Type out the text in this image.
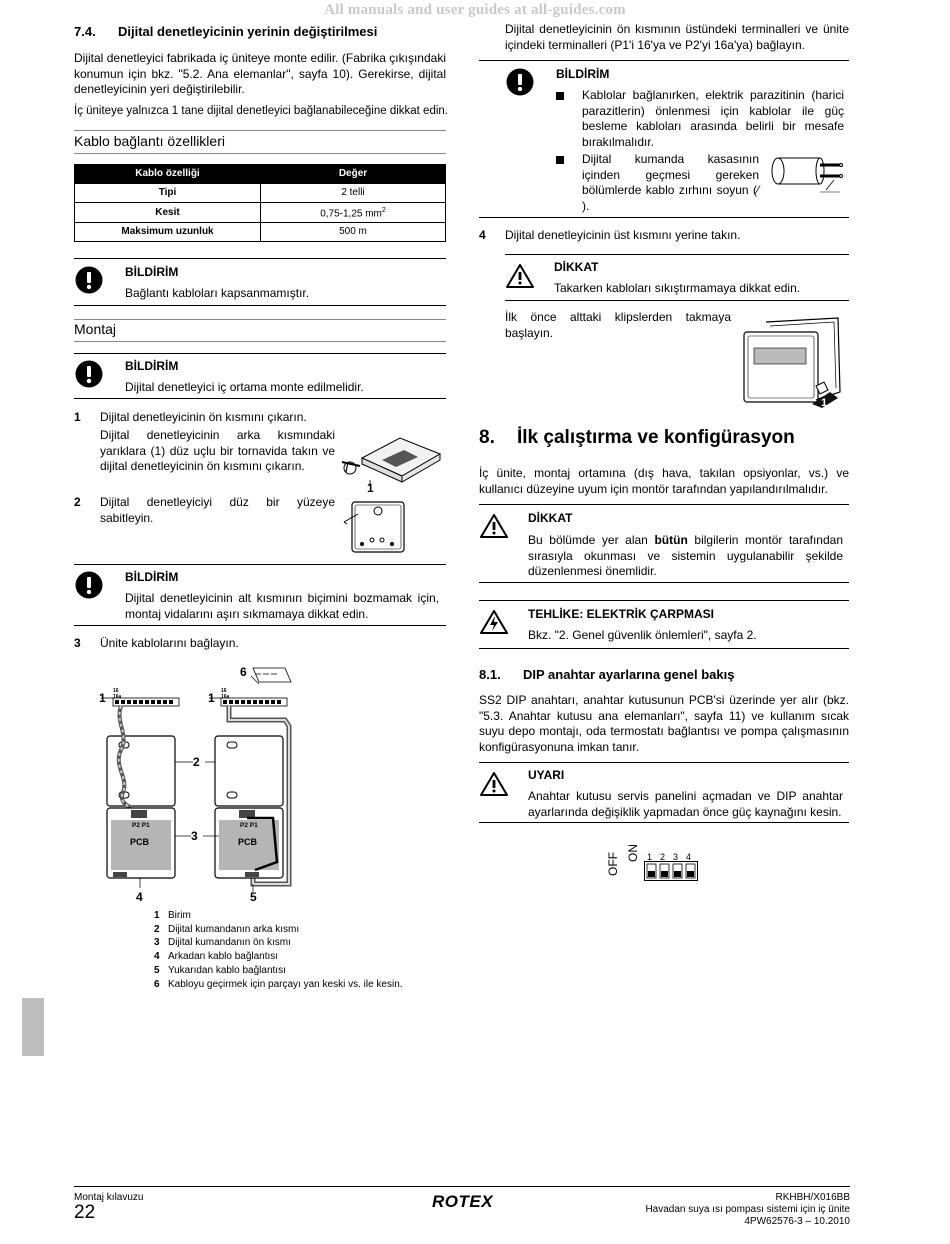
All manuals and user guides at all-guides.com
7.4. Dijital denetleyicinin yerinin değiştirilmesi
Dijital denetleyici fabrikada iç üniteye monte edilir. (Fabrika çıkışındaki konumun için bkz. "5.2. Ana elemanlar", sayfa 10). Gerekirse, dijital denetleyicinin yeri değiştirilebilir.
İç üniteye yalnızca 1 tane dijital denetleyici bağlanabileceğine dikkat edin.
Kablo bağlantı özellikleri
Kablo özelliği	Değer
Tipi	2 telli
Kesit	0,75-1,25 $mm^2$
Maksimum uzunluk	500 m
BİLDİRİM
Bağlantı kabloları kapsanmamıştır.
Montaj
BİLDİRİM
Dijital denetleyici iç ortama monte edilmelidir.
1 Dijital denetleyicinin ön kısmını çıkarın.
Dijital denetleyicinin arka kısmındaki yarıklara (1) düz uçlu bir tornavida takın ve dijital denetleyicinin ön kısmını çıkarın.
1
2 Dijital denetleyiciyi düz bir yüzeye sabitleyin.
BİLDİRİM
Dijital denetleyicinin alt kısmının biçimini bozmamak için, montaj vidalarını aşırı sıkmamaya dikkat edin.
3 Ünite kablolarını bağlayın.
1	1
2
3
4	5
6
PCB	PCB
P2 P1	P2 P1
16 16a
16 16a
1 Birim
2 Dijital kumandanın arka kısmı
3 Dijital kumandanın ön kısmı
4 Arkadan kablo bağlantısı
5 Yukarıdan kablo bağlantısı
6 Kabloyu geçirmek için parçayı yan keski vs. ile kesin.
Dijital denetleyicinin ön kısmının üstündeki terminalleri ve ünite içindeki terminalleri (P1'i 16'ya ve P2'yi 16a'ya) bağlayın.
BİLDİRİM
Kablolar bağlanırken, elektrik parazitinin (harici parazitlerin) önlenmesi için kablolar ile güç besleme kabloları arasında belirli bir mesafe bırakılmalıdır.
Dijital kumanda kasasının içinden geçmesi gereken bölümlerde kablo zırhını soyun (⁄ ).
4 Dijital denetleyicinin üst kısmını yerine takın.
DİKKAT
Takarken kabloları sıkıştırmamaya dikkat edin.
İlk önce alttaki klipslerden takmaya başlayın.
1
8. İlk çalıştırma ve konfigürasyon
İç ünite, montaj ortamına (dış hava, takılan opsiyonlar, vs.) ve kullanıcı düzeyine uyum için montör tarafından yapılandırılmalıdır.
DİKKAT
Bu bölümde yer alan bütün bilgilerin montör tarafından sırasıyla okunması ve sistemin uygulanabilir şekilde düzenlenmesi önemlidir.
TEHLİKE: ELEKTRİK ÇARPMASI
Bkz. "2. Genel güvenlik önlemleri", sayfa 2.
8.1. DIP anahtar ayarlarına genel bakış
SS2 DIP anahtarı, anahtar kutusunun PCB'si üzerinde yer alır (bkz. "5.3. Anahtar kutusu ana elemanları", sayfa 11) ve kullanım sıcak suyu depo montajı, oda termostatı bağlantısı ve pompa çalışmasının konfigürasyonuna imkan tanır.
UYARI
Anahtar kutusu servis panelini açmadan ve DIP anahtar ayarlarında değişiklik yapmadan önce güç kaynağını kesin.
OFF ON 1 2 3 4
Montaj kılavuzu
22
ROTEX	RKHBH/X016BB
Havadan suya ısı pompası sistemi için iç ünite
4PW62576-3 – 10.2010
